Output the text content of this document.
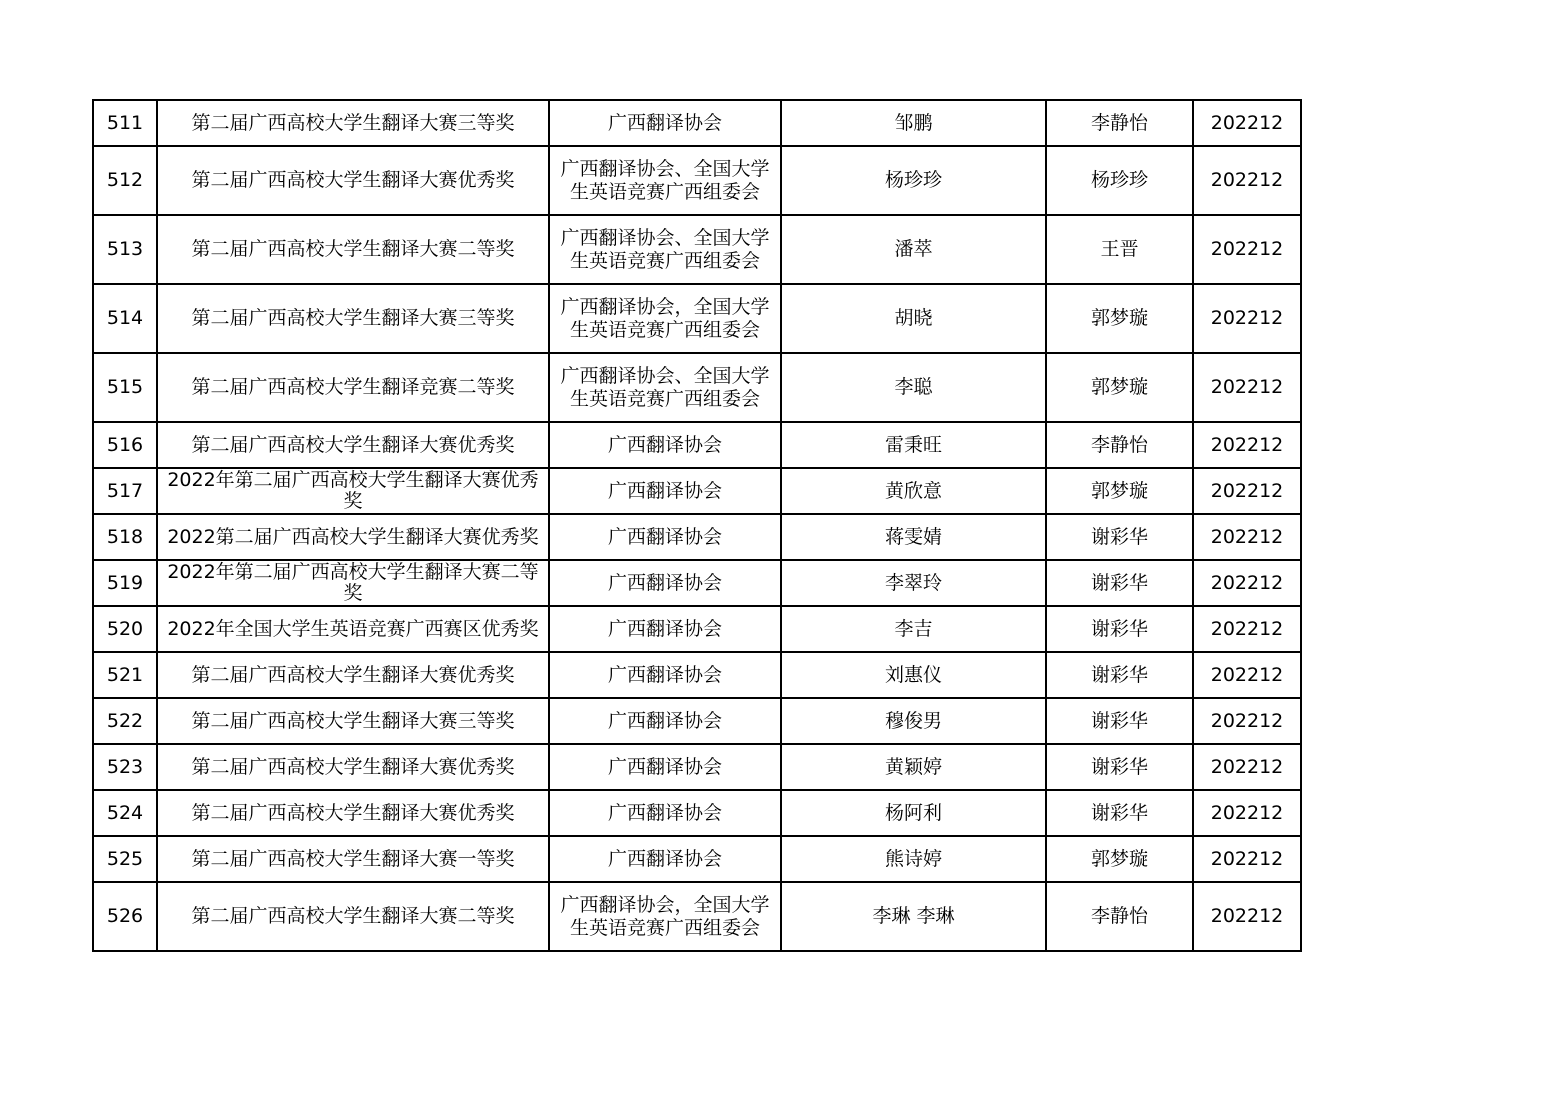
511	第二届广西高校大学生翻译大赛三等奖	广西翻译协会	邹鹏	李静怡	202212
512	第二届广西高校大学生翻译大赛优秀奖	广西翻译协会、全国大学生英语竞赛广西组委会	杨珍珍	杨珍珍	202212
513	第二届广西高校大学生翻译大赛二等奖	广西翻译协会、全国大学生英语竞赛广西组委会	潘萃	王晋	202212
514	第二届广西高校大学生翻译大赛三等奖	广西翻译协会，全国大学生英语竞赛广西组委会	胡晓	郭梦璇	202212
515	第二届广西高校大学生翻译竞赛二等奖	广西翻译协会、全国大学生英语竞赛广西组委会	李聪	郭梦璇	202212
516	第二届广西高校大学生翻译大赛优秀奖	广西翻译协会	雷秉旺	李静怡	202212
517	2022年第二届广西高校大学生翻译大赛优秀奖	广西翻译协会	黄欣意	郭梦璇	202212
518	2022第二届广西高校大学生翻译大赛优秀奖	广西翻译协会	蒋雯婧	谢彩华	202212
519	2022年第二届广西高校大学生翻译大赛二等奖	广西翻译协会	李翠玲	谢彩华	202212
520	2022年全国大学生英语竞赛广西赛区优秀奖	广西翻译协会	李吉	谢彩华	202212
521	第二届广西高校大学生翻译大赛优秀奖	广西翻译协会	刘惠仪	谢彩华	202212
522	第二届广西高校大学生翻译大赛三等奖	广西翻译协会	穆俊男	谢彩华	202212
523	第二届广西高校大学生翻译大赛优秀奖	广西翻译协会	黄颖婷	谢彩华	202212
524	第二届广西高校大学生翻译大赛优秀奖	广西翻译协会	杨阿利	谢彩华	202212
525	第二届广西高校大学生翻译大赛一等奖	广西翻译协会	熊诗婷	郭梦璇	202212
526	第二届广西高校大学生翻译大赛二等奖	广西翻译协会，全国大学生英语竞赛广西组委会	李琳 李琳	李静怡	202212
